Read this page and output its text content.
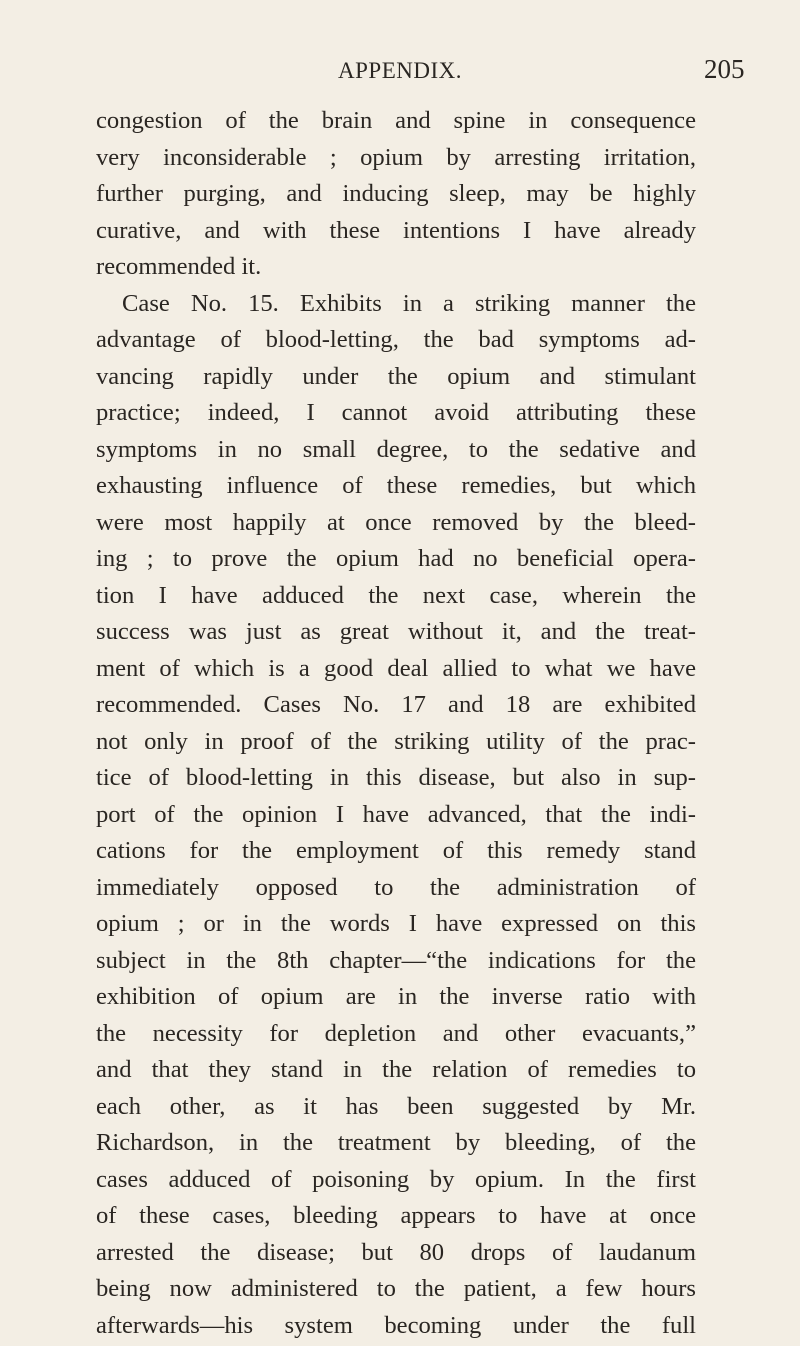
APPENDIX.	205
congestion of the brain and spine in consequence
very inconsiderable ; opium by arresting irritation,
further purging, and inducing sleep, may be highly
curative, and with these intentions I have already
recommended it.
Case No. 15. Exhibits in a striking manner the
advantage of blood-letting, the bad symptoms ad-
vancing rapidly under the opium and stimulant
practice; indeed, I cannot avoid attributing these
symptoms in no small degree, to the sedative and
exhausting influence of these remedies, but which
were most happily at once removed by the bleed-
ing ; to prove the opium had no beneficial opera-
tion I have adduced the next case, wherein the
success was just as great without it, and the treat-
ment of which is a good deal allied to what we have
recommended. Cases No. 17 and 18 are exhibited
not only in proof of the striking utility of the prac-
tice of blood-letting in this disease, but also in sup-
port of the opinion I have advanced, that the indi-
cations for the employment of this remedy stand
immediately opposed to the administration of
opium ; or in the words I have expressed on this
subject in the 8th chapter—“the indications for the
exhibition of opium are in the inverse ratio with
the necessity for depletion and other evacuants,”
and that they stand in the relation of remedies to
each other, as it has been suggested by Mr.
Richardson, in the treatment by bleeding, of the
cases adduced of poisoning by opium. In the first
of these cases, bleeding appears to have at once
arrested the disease; but 80 drops of laudanum
being now administered to the patient, a few hours
afterwards—his system becoming under the full
